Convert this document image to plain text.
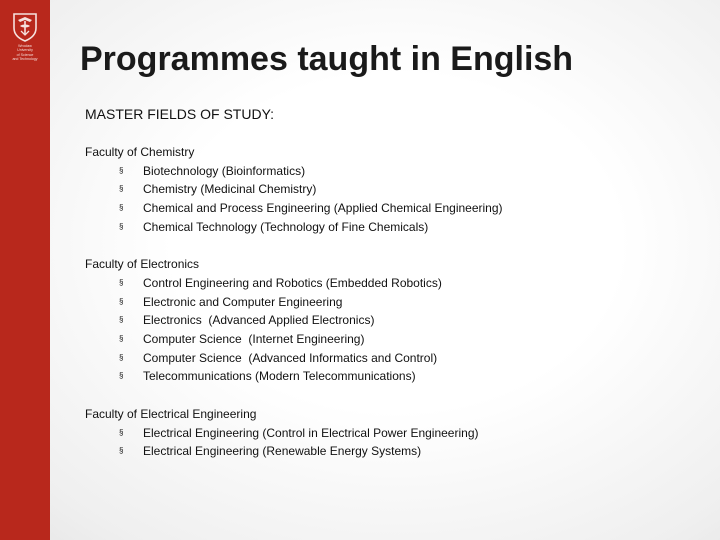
Wrocław
University
of Science
and Technology Programmes taught in English
MASTER FIELDS OF STUDY:
Faculty of Chemistry
§ Biotechnology (Bioinformatics)
§ Chemistry (Medicinal Chemistry)
§ Chemical and Process Engineering (Applied Chemical Engineering)
§ Chemical Technology (Technology of Fine Chemicals)
Faculty of Electronics
§ Control Engineering and Robotics (Embedded Robotics)
§ Electronic and Computer Engineering
§ Electronics  (Advanced Applied Electronics)
§ Computer Science  (Internet Engineering)
§ Computer Science  (Advanced Informatics and Control)
§ Telecommunications (Modern Telecommunications)
Faculty of Electrical Engineering
§ Electrical Engineering (Control in Electrical Power Engineering)
§ Electrical Engineering (Renewable Energy Systems)
